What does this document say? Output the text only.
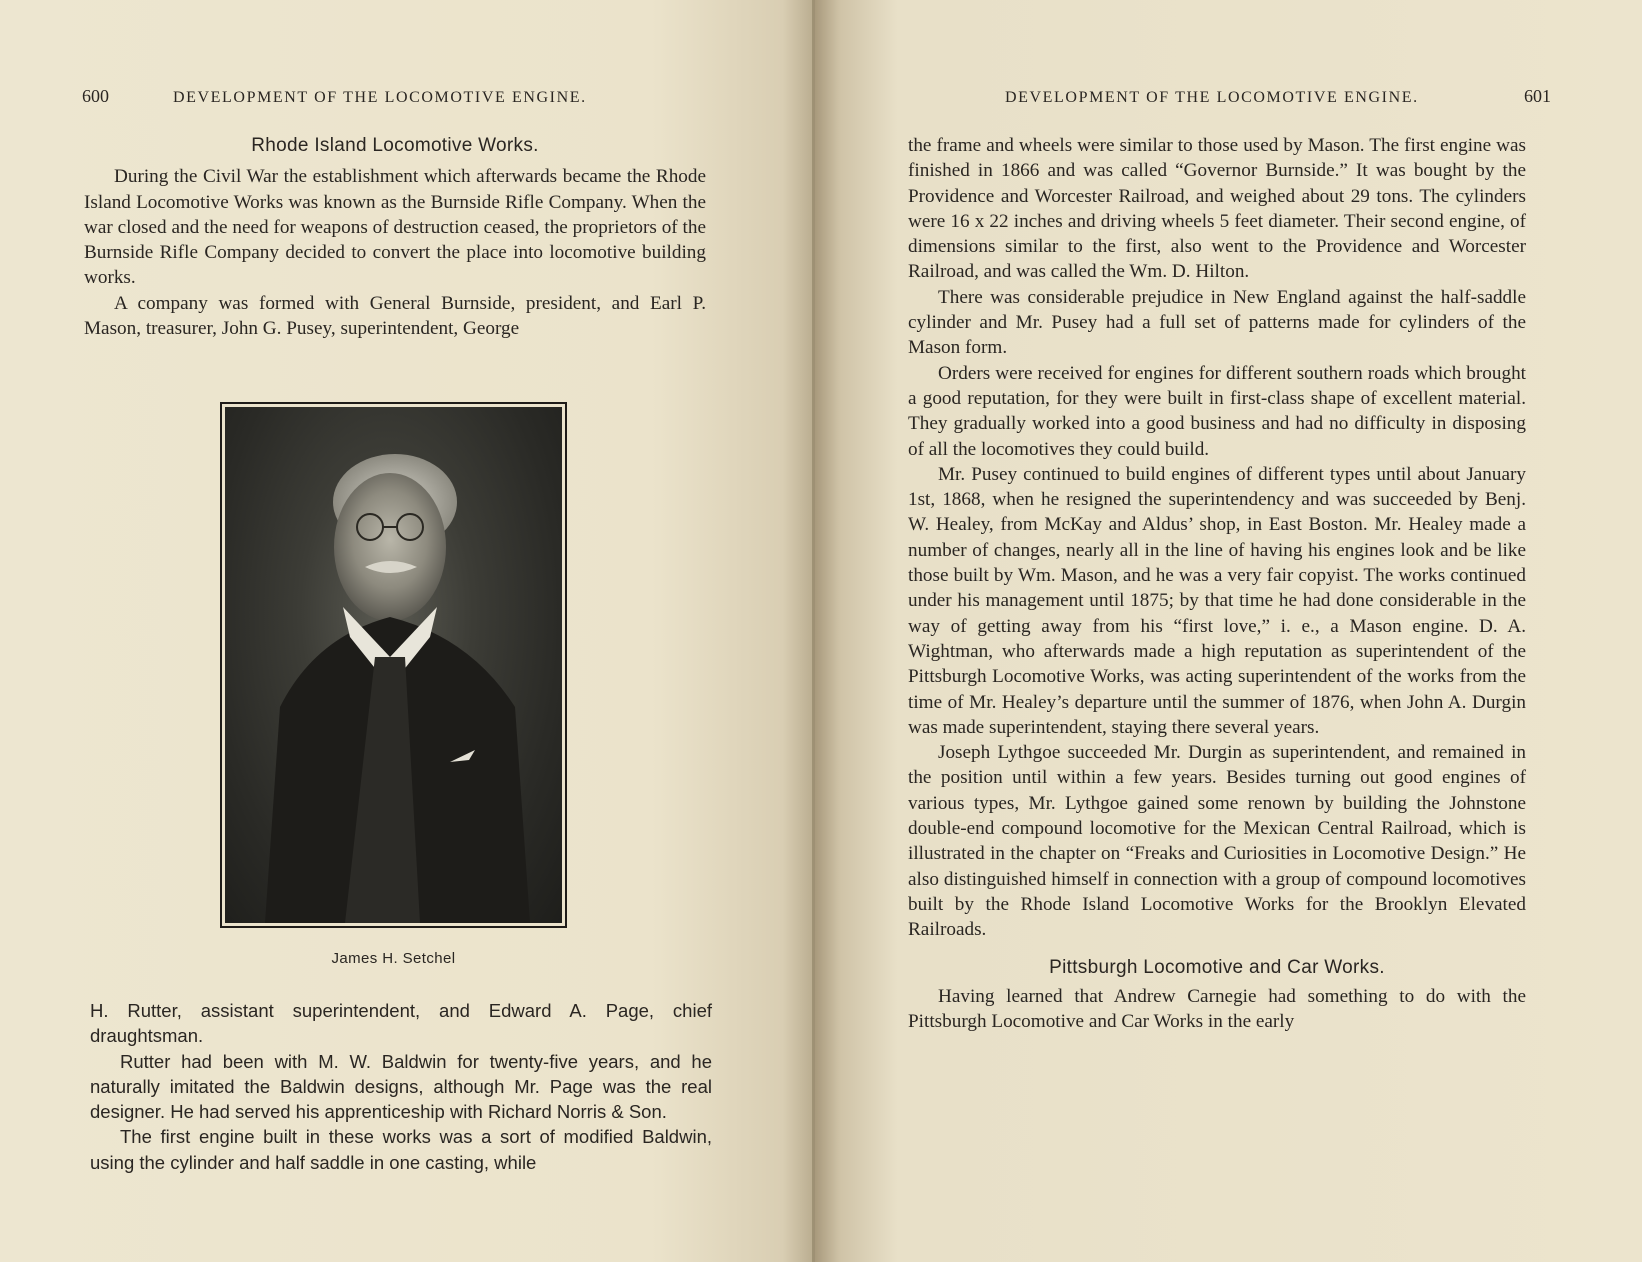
600	DEVELOPMENT OF THE LOCOMOTIVE ENGINE.
Rhode Island Locomotive Works.

During the Civil War the establishment which afterwards became the Rhode Island Locomotive Works was known as the Burnside Rifle Company. When the war closed and the need for weapons of destruction ceased, the proprietors of the Burnside Rifle Company decided to convert the place into locomotive building works.

A company was formed with General Burnside, president, and Earl P. Mason, treasurer, John G. Pusey, superintendent, George

James H. Setchel

H. Rutter, assistant superintendent, and Edward A. Page, chief draughtsman.

Rutter had been with M. W. Baldwin for twenty-five years, and he naturally imitated the Baldwin designs, although Mr. Page was the real designer. He had served his apprenticeship with Richard Norris & Son.

The first engine built in these works was a sort of modified Baldwin, using the cylinder and half saddle in one casting, while

DEVELOPMENT OF THE LOCOMOTIVE ENGINE.	601

the frame and wheels were similar to those used by Mason. The first engine was finished in 1866 and was called “Governor Burnside.” It was bought by the Providence and Worcester Railroad, and weighed about 29 tons. The cylinders were 16 x 22 inches and driving wheels 5 feet diameter. Their second engine, of dimensions similar to the first, also went to the Providence and Worcester Railroad, and was called the Wm. D. Hilton.

There was considerable prejudice in New England against the half-saddle cylinder and Mr. Pusey had a full set of patterns made for cylinders of the Mason form.

Orders were received for engines for different southern roads which brought a good reputation, for they were built in first-class shape of excellent material. They gradually worked into a good business and had no difficulty in disposing of all the locomotives they could build.

Mr. Pusey continued to build engines of different types until about January 1st, 1868, when he resigned the superintendency and was succeeded by Benj. W. Healey, from McKay and Aldus’ shop, in East Boston. Mr. Healey made a number of changes, nearly all in the line of having his engines look and be like those built by Wm. Mason, and he was a very fair copyist. The works continued under his management until 1875; by that time he had done considerable in the way of getting away from his “first love,” i. e., a Mason engine. D. A. Wightman, who afterwards made a high reputation as superintendent of the Pittsburgh Locomotive Works, was acting superintendent of the works from the time of Mr. Healey’s departure until the summer of 1876, when John A. Durgin was made superintendent, staying there several years.

Joseph Lythgoe succeeded Mr. Durgin as superintendent, and remained in the position until within a few years. Besides turning out good engines of various types, Mr. Lythgoe gained some renown by building the Johnstone double-end compound locomotive for the Mexican Central Railroad, which is illustrated in the chapter on “Freaks and Curiosities in Locomotive Design.” He also distinguished himself in connection with a group of compound locomotives built by the Rhode Island Locomotive Works for the Brooklyn Elevated Railroads.

Pittsburgh Locomotive and Car Works.

Having learned that Andrew Carnegie had something to do with the Pittsburgh Locomotive and Car Works in the early
